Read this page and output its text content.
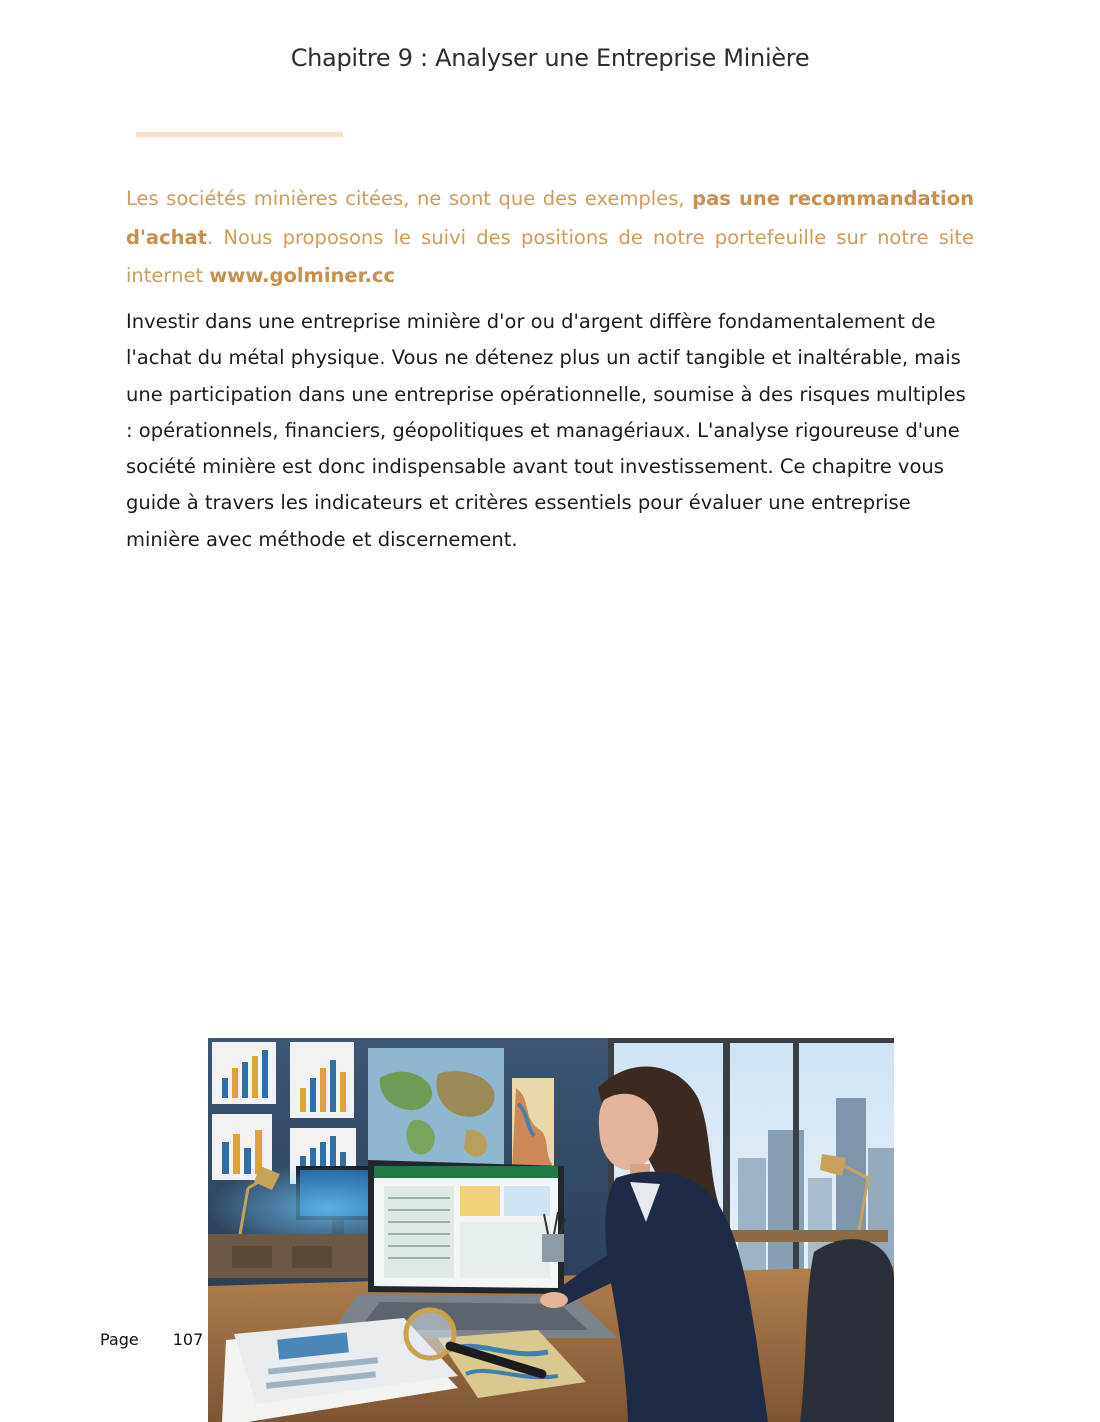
Chapitre 9 : Analyser une Entreprise Minière

Les sociétés minières citées, ne sont que des exemples, pas une recommandation d'achat. Nous proposons le suivi des positions de notre portefeuille sur notre site internet www.golminer.cc

Investir dans une entreprise minière d'or ou d'argent diffère fondamentalement de l'achat du métal physique. Vous ne détenez plus un actif tangible et inaltérable, mais une participation dans une entreprise opérationnelle, soumise à des risques multiples : opérationnels, financiers, géopolitiques et managériaux. L'analyse rigoureuse d'une société minière est donc indispensable avant tout investissement. Ce chapitre vous guide à travers les indicateurs et critères essentiels pour évaluer une entreprise minière avec méthode et discernement.

Page 107
